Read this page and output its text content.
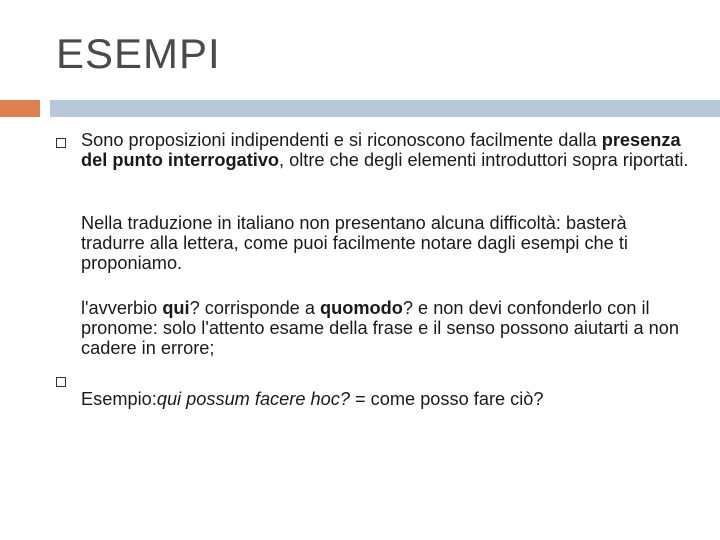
ESEMPI
Sono proposizioni indipendenti e si riconoscono facilmente dalla presenza del punto interrogativo, oltre che degli elementi introduttori sopra riportati.
Nella traduzione in italiano non presentano alcuna difficoltà: basterà tradurre alla lettera, come puoi facilmente notare dagli esempi che ti proponiamo.
l'avverbio qui? corrisponde a quomodo? e non devi confonderlo con il pronome: solo l'attento esame della frase e il senso possono aiutarti a non cadere in errore;
Esempio:qui possum facere hoc? = come posso fare ciò?
